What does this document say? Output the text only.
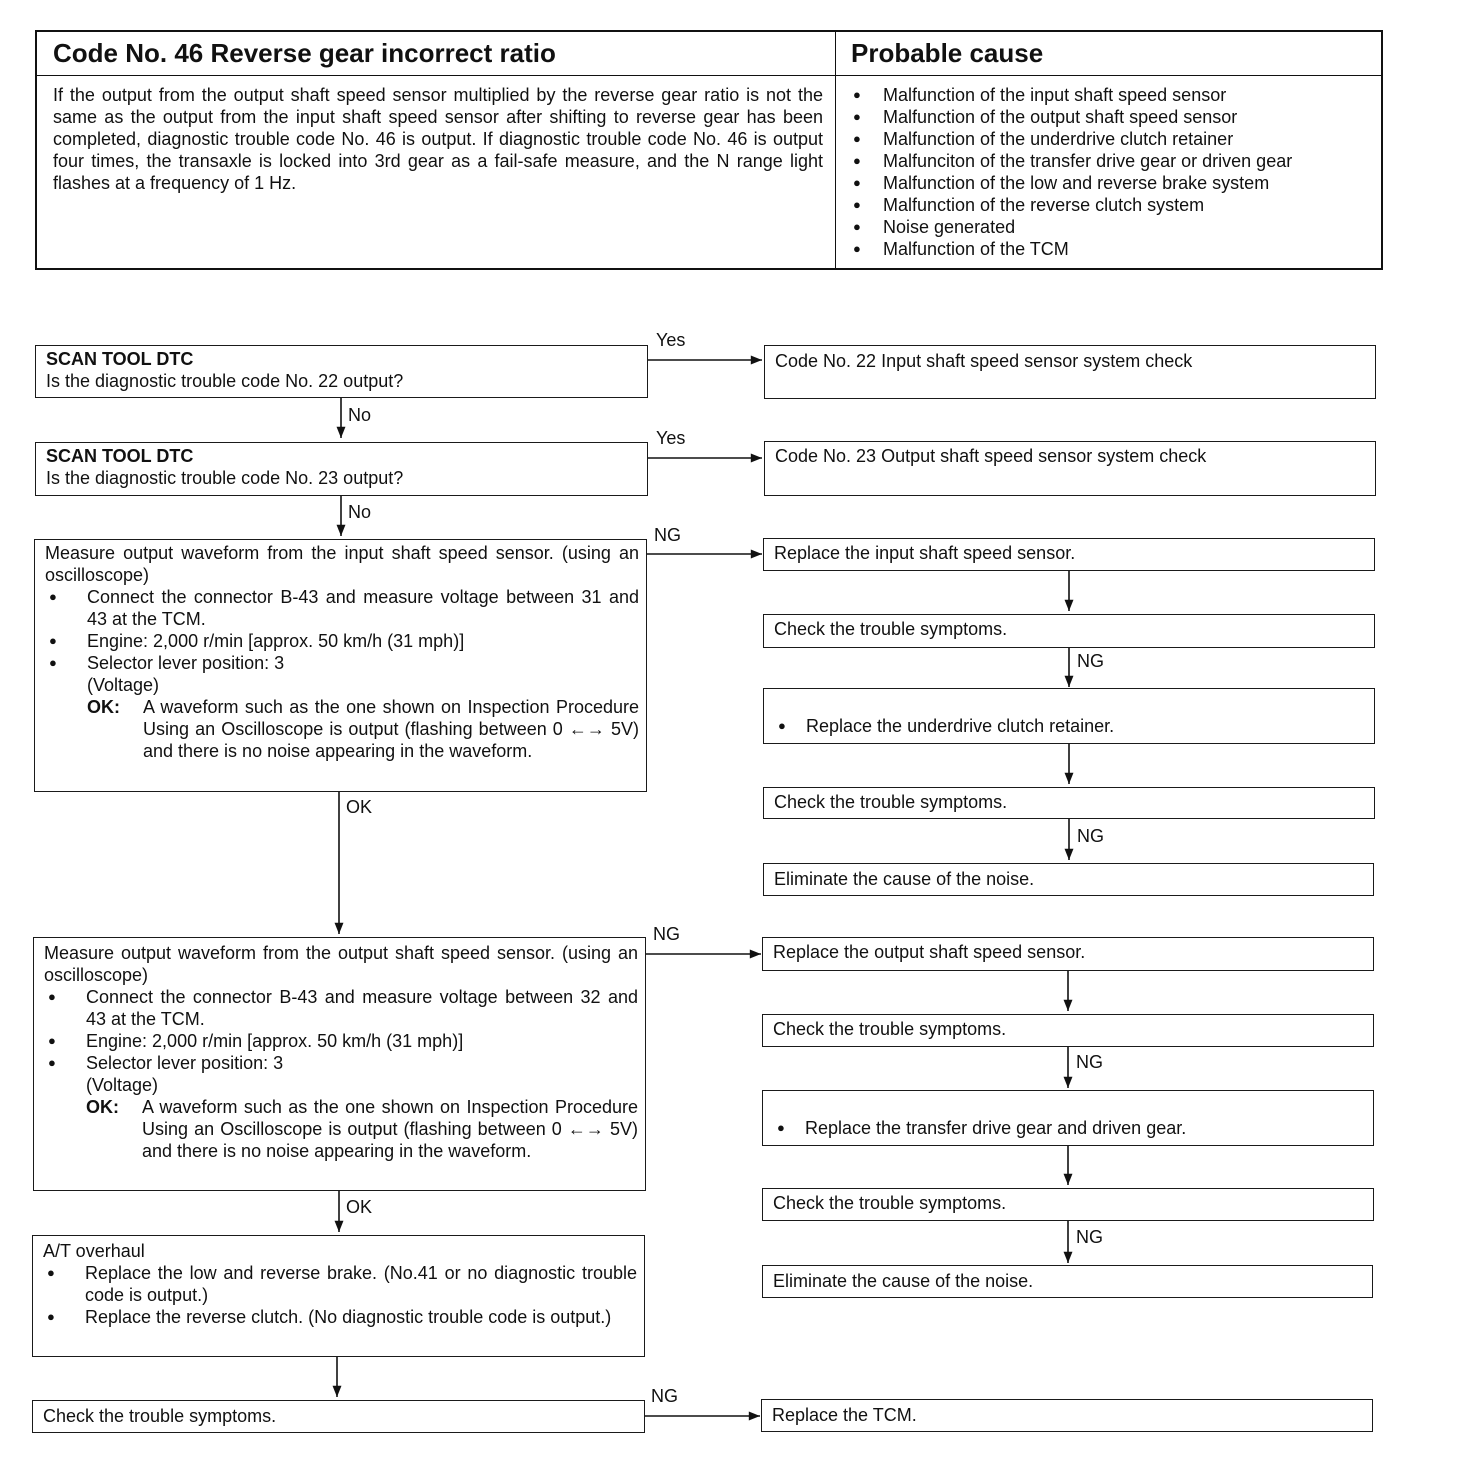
Code No. 46 Reverse gear incorrect ratio	Probable cause
If the output from the output shaft speed sensor multiplied by the reverse gear ratio is not the same as the output from the input shaft speed sensor after shifting to reverse gear has been completed, diagnostic trouble code No. 46 is output. If diagnostic trouble code No. 46 is output four times, the transaxle is locked into 3rd gear as a fail-safe measure, and the N range light flashes at a frequency of 1 Hz.
● Malfunction of the input shaft speed sensor
● Malfunction of the output shaft speed sensor
● Malfunction of the underdrive clutch retainer
● Malfunciton of the transfer drive gear or driven gear
● Malfunction of the low and reverse brake system
● Malfunction of the reverse clutch system
● Noise generated
● Malfunction of the TCM
Yes
Yes
No
No
NG
OK
NG
OK
NG
NG
NG
NG
NG
SCAN TOOL DTC
Is the diagnostic trouble code No. 22 output?
Code No. 22 Input shaft speed sensor system check
SCAN TOOL DTC
Is the diagnostic trouble code No. 23 output?
Code No. 23 Output shaft speed sensor system check
Measure output waveform from the input shaft speed sensor. (using an oscilloscope)
● Connect the connector B-43 and measure voltage between 31 and 43 at the TCM.
● Engine: 2,000 r/min [approx. 50 km/h (31 mph)]
● Selector lever position: 3
(Voltage)
OK:	A waveform such as the one shown on Inspection Procedure Using an Oscilloscope is output (flashing between 0 ←→ 5V) and there is no noise appearing in the waveform.
Replace the input shaft speed sensor.
Check the trouble symptoms.
● Replace the underdrive clutch retainer.
Check the trouble symptoms.
Eliminate the cause of the noise.
Measure output waveform from the output shaft speed sensor. (using an oscilloscope)
● Connect the connector B-43 and measure voltage between 32 and 43 at the TCM.
● Engine: 2,000 r/min [approx. 50 km/h (31 mph)]
● Selector lever position: 3
(Voltage)
OK:	A waveform such as the one shown on Inspection Procedure Using an Oscilloscope is output (flashing between 0 ←→ 5V) and there is no noise appearing in the waveform.
Replace the output shaft speed sensor.
Check the trouble symptoms.
● Replace the transfer drive gear and driven gear.
Check the trouble symptoms.
Eliminate the cause of the noise.
A/T overhaul
● Replace the low and reverse brake. (No.41 or no diagnostic trouble code is output.)
● Replace the reverse clutch. (No diagnostic trouble code is output.)
Check the trouble symptoms.	Replace the TCM.
